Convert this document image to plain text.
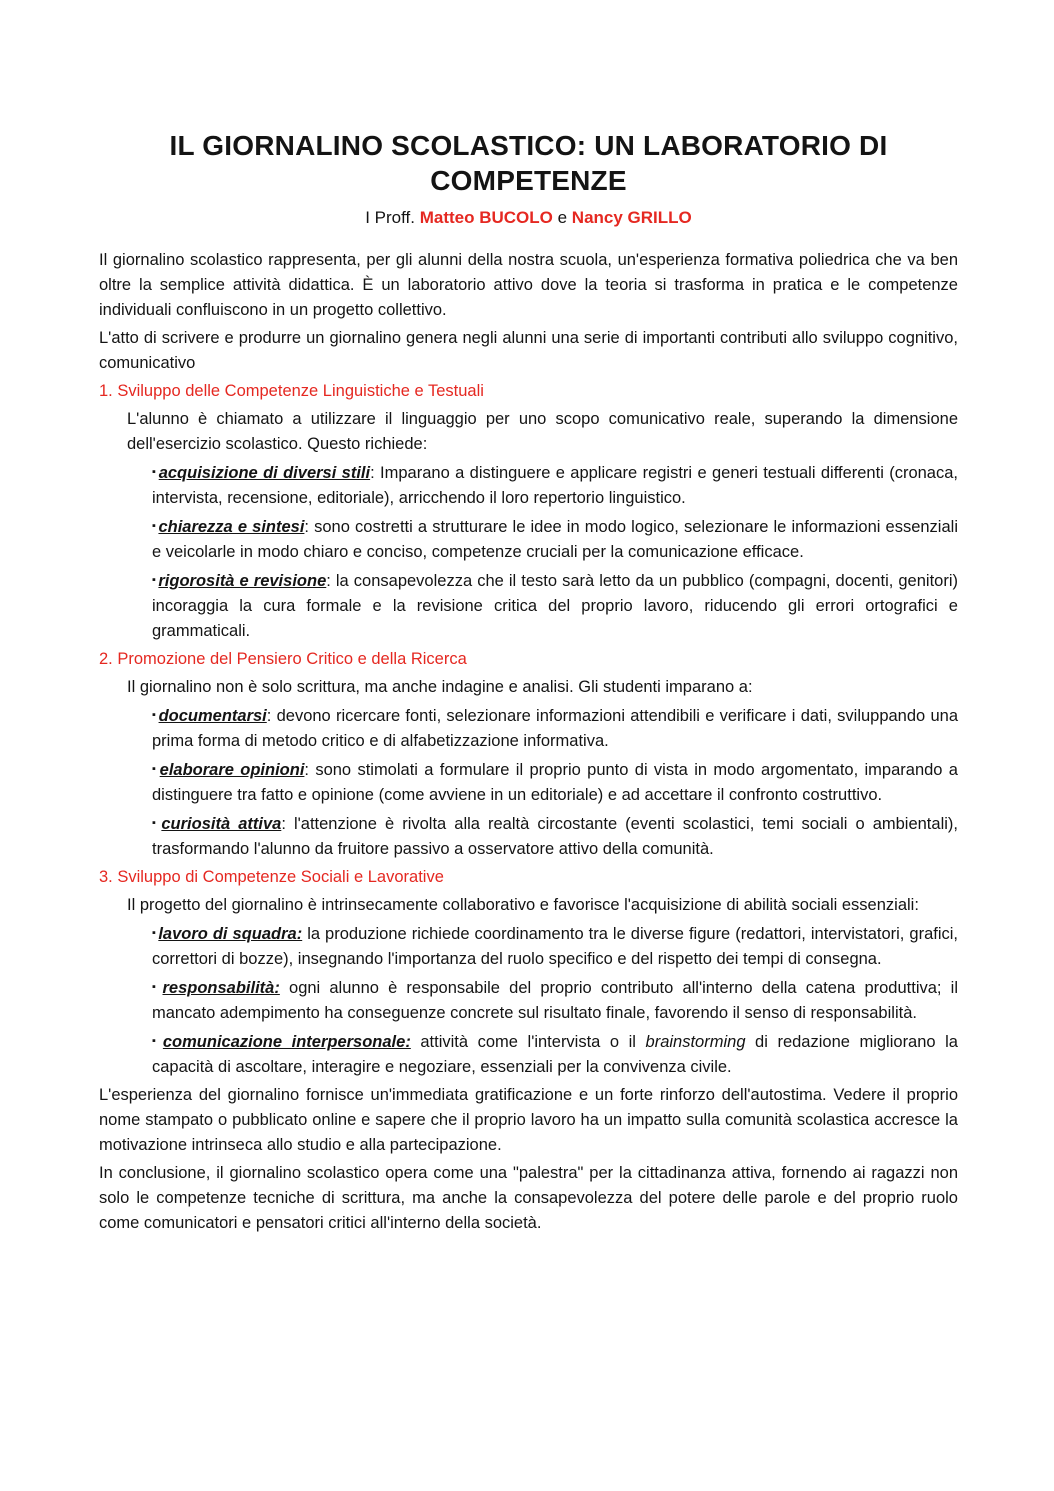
IL GIORNALINO SCOLASTICO: UN LABORATORIO DI
COMPETENZE

I Proff. Matteo BUCOLO e Nancy GRILLO

Il giornalino scolastico rappresenta, per gli alunni della nostra scuola, un'esperienza formativa poliedrica che va ben oltre la semplice attività didattica. È un laboratorio attivo dove la teoria si trasforma in pratica e le competenze individuali confluiscono in un progetto collettivo.

L'atto di scrivere e produrre un giornalino genera negli alunni una serie di importanti contributi allo sviluppo cognitivo, comunicativo

1. Sviluppo delle Competenze Linguistiche e Testuali

L'alunno è chiamato a utilizzare il linguaggio per uno scopo comunicativo reale, superando la dimensione dell'esercizio scolastico. Questo richiede:

▪ acquisizione di diversi stili: Imparano a distinguere e applicare registri e generi testuali differenti (cronaca, intervista, recensione, editoriale), arricchendo il loro repertorio linguistico.

▪ chiarezza e sintesi: sono costretti a strutturare le idee in modo logico, selezionare le informazioni essenziali e veicolarle in modo chiaro e conciso, competenze cruciali per la comunicazione efficace.

▪ rigorosità e revisione: la consapevolezza che il testo sarà letto da un pubblico (compagni, docenti, genitori) incoraggia la cura formale e la revisione critica del proprio lavoro, riducendo gli errori ortografici e grammaticali.

2. Promozione del Pensiero Critico e della Ricerca

Il giornalino non è solo scrittura, ma anche indagine e analisi. Gli studenti imparano a:

▪ documentarsi: devono ricercare fonti, selezionare informazioni attendibili e verificare i dati, sviluppando una prima forma di metodo critico e di alfabetizzazione informativa.

▪ elaborare opinioni: sono stimolati a formulare il proprio punto di vista in modo argomentato, imparando a distinguere tra fatto e opinione (come avviene in un editoriale) e ad accettare il confronto costruttivo.

▪ curiosità attiva: l'attenzione è rivolta alla realtà circostante (eventi scolastici, temi sociali o ambientali), trasformando l'alunno da fruitore passivo a osservatore attivo della comunità.

3. Sviluppo di Competenze Sociali e Lavorative

Il progetto del giornalino è intrinsecamente collaborativo e favorisce l'acquisizione di abilità sociali essenziali:

▪ lavoro di squadra: la produzione richiede coordinamento tra le diverse figure (redattori, intervistatori, grafici, correttori di bozze), insegnando l'importanza del ruolo specifico e del rispetto dei tempi di consegna.

▪ responsabilità: ogni alunno è responsabile del proprio contributo all'interno della catena produttiva; il mancato adempimento ha conseguenze concrete sul risultato finale, favorendo il senso di responsabilità.

▪ comunicazione interpersonale: attività come l'intervista o il brainstorming di redazione migliorano la capacità di ascoltare, interagire e negoziare, essenziali per la convivenza civile.

L'esperienza del giornalino fornisce un'immediata gratificazione e un forte rinforzo dell'autostima. Vedere il proprio nome stampato o pubblicato online e sapere che il proprio lavoro ha un impatto sulla comunità scolastica accresce la motivazione intrinseca allo studio e alla partecipazione.

In conclusione, il giornalino scolastico opera come una "palestra" per la cittadinanza attiva, fornendo ai ragazzi non solo le competenze tecniche di scrittura, ma anche la consapevolezza del potere delle parole e del proprio ruolo come comunicatori e pensatori critici all'interno della società.
